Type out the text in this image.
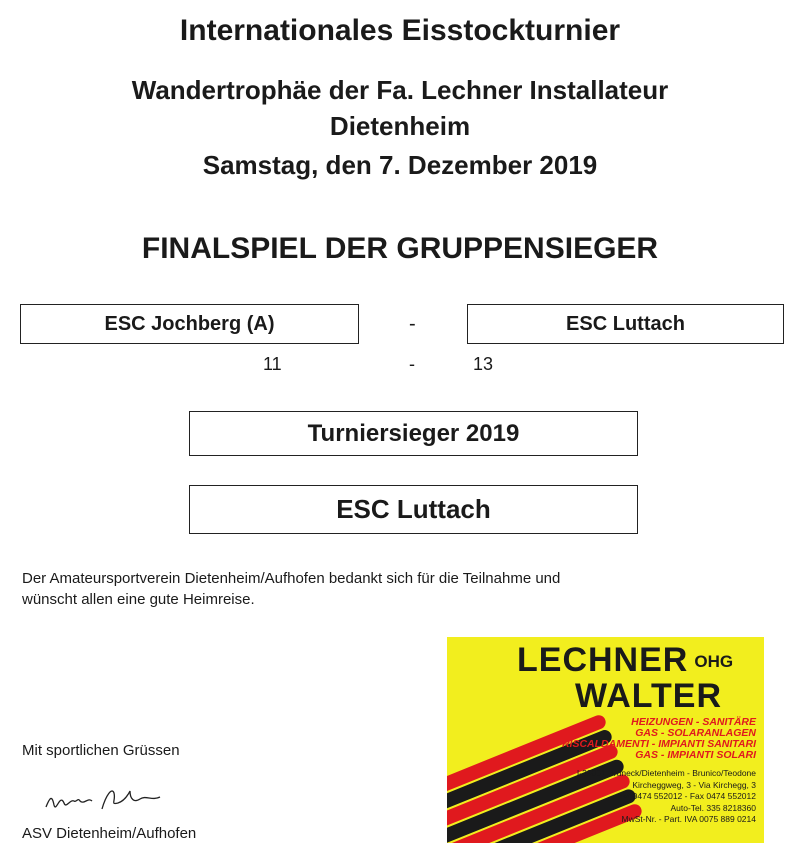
Internationales Eisstockturnier
Wandertrophäe der Fa. Lechner Installateur
Dietenheim
Samstag, den 7. Dezember 2019
FINALSPIEL DER GRUPPENSIEGER
ESC Jochberg (A)	-	ESC Luttach
11	-	13
Turniersieger 2019
ESC Luttach
Der Amateursportverein Dietenheim/Aufhofen bedankt sich für die Teilnahme und
wünscht allen eine gute Heimreise.
Mit sportlichen Grüssen
ASV Dietenheim/Aufhofen
LECHNER OHG
WALTER
HEIZUNGEN - SANITÄRE
GAS - SOLARANLAGEN
RISCALDAMENTI - IMPIANTI SANITARI
GAS - IMPIANTI SOLARI
I-39031 Bruneck/Dietenheim - Brunico/Teodone
Kirchegg​weg, 3 - Via Kirchegg, 3
☎ 0474 552012 - Fax 0474 552012
Auto-Tel. 335 8218360
MwSt-Nr. - Part. IVA 0075 889 0214
